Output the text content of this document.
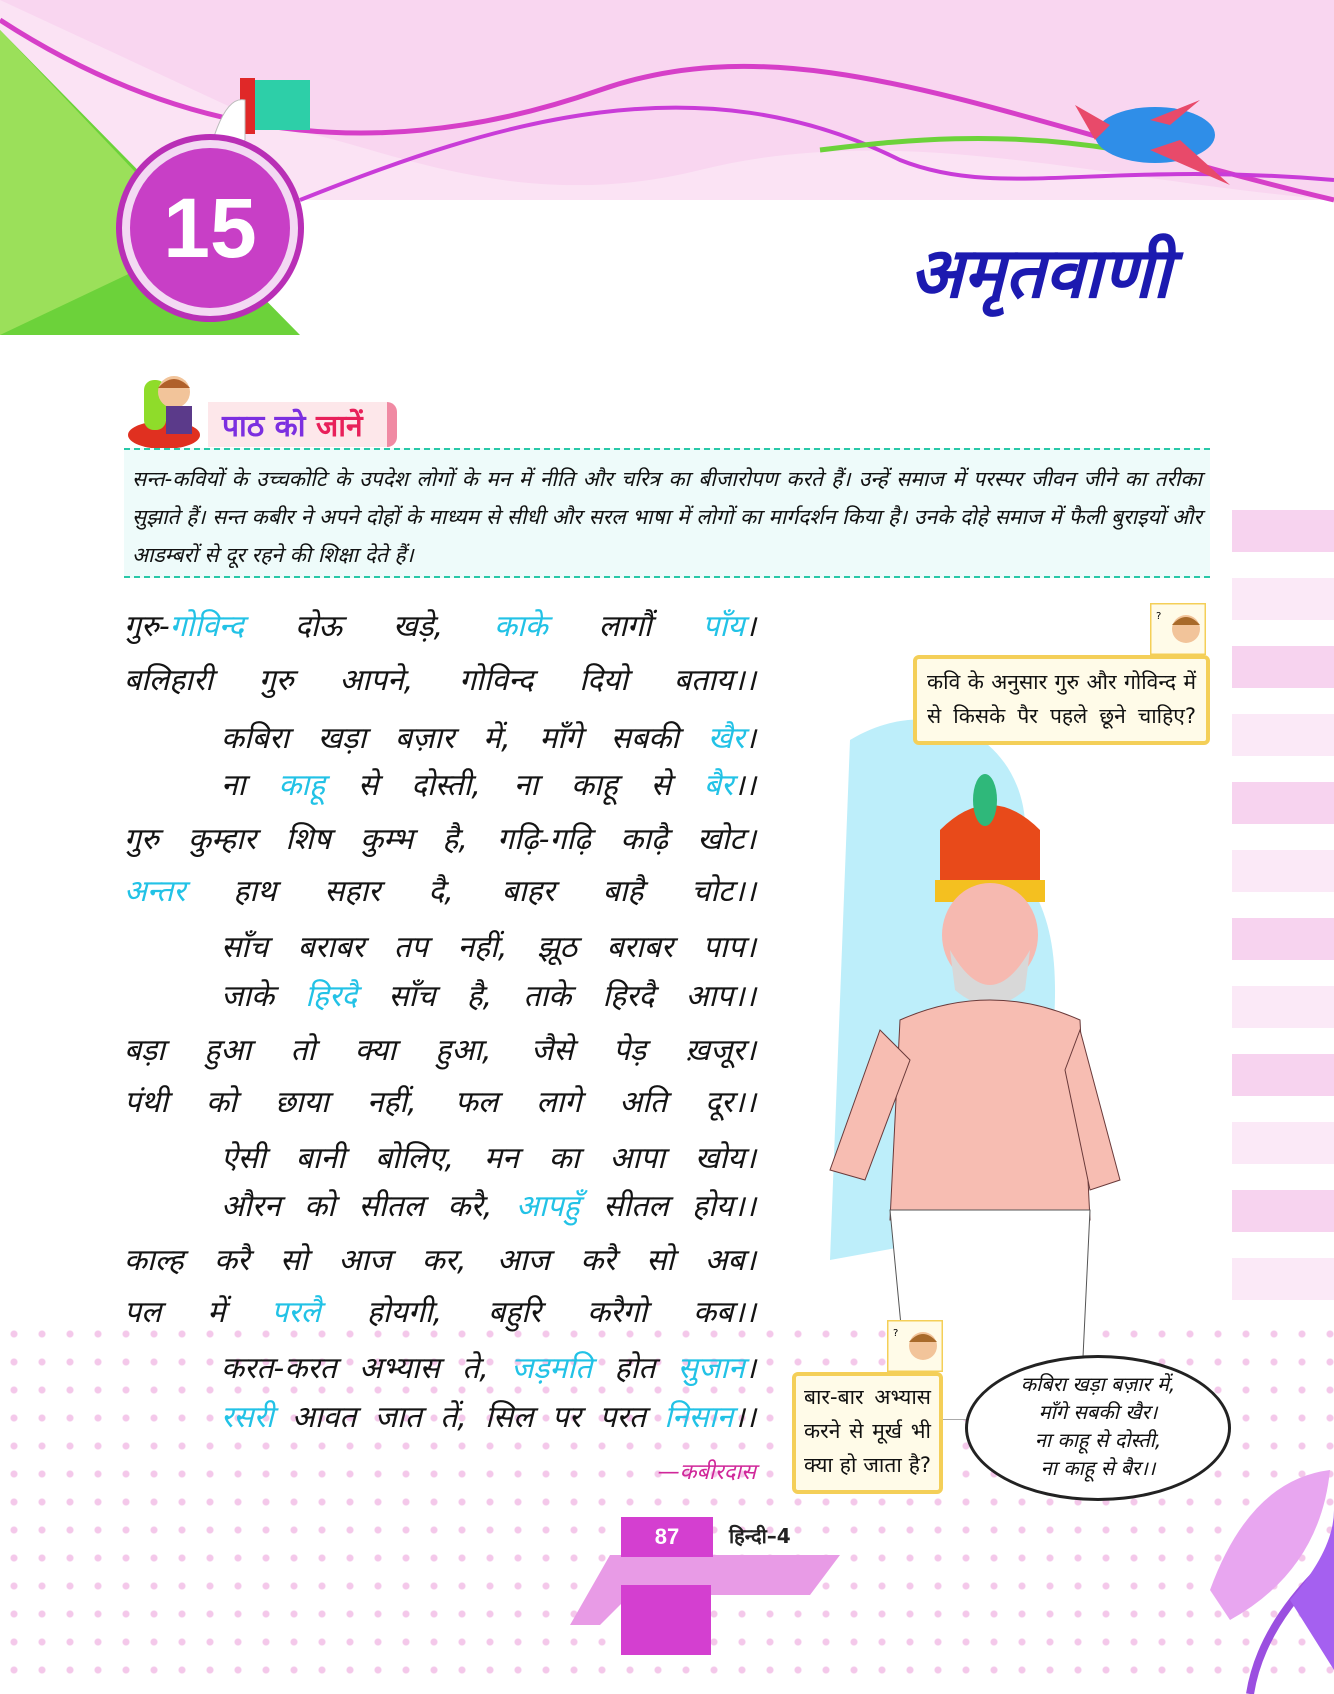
15	अमृतवाणी
पाठ को जानें
सन्त-कवियों के उच्चकोटि के उपदेश लोगों के मन में नीति और चरित्र का बीजारोपण करते हैं। उन्हें समाज में परस्पर जीवन जीने का तरीका सुझाते हैं। सन्त कबीर ने अपने दोहों के माध्यम से सीधी और सरल भाषा में लोगों का मार्गदर्शन किया है। उनके दोहे समाज में फैली बुराइयों और आडम्बरों से दूर रहने की शिक्षा देते हैं।
गुरु-गोविन्द दोऊ खड़े, काके लागौं पाँय।
बलिहारी गुरु आपने, गोविन्द दियो बताय।।
कबिरा खड़ा बज़ार में, माँगे सबकी खैर।
ना काहू से दोस्ती, ना काहू से बैर।।
गुरु कुम्हार शिष कुम्भ है, गढ़ि-गढ़ि काढ़ै खोट।
अन्तर हाथ सहार दै, बाहर बाहै चोट।।
साँच बराबर तप नहीं, झूठ बराबर पाप।
जाके हिरदै साँच है, ताके हिरदै आप।।
बड़ा हुआ तो क्या हुआ, जैसे पेड़ ख़जूर।
पंथी को छाया नहीं, फल लागे अति दूर।।
ऐसी बानी बोलिए, मन का आपा खोय।
औरन को सीतल करै, आपहुँ सीतल होय।।
काल्ह करै सो आज कर, आज करै सो अब।
पल में परलै होयगी, बहुरि करैगो कब।।
करत-करत अभ्यास ते, जड़मति होत सुजान।
रसरी आवत जात तें, सिल पर परत निसान।।
—कबीरदास
कवि के अनुसार गुरु और गोविन्द में से किसके पैर पहले छूने चाहिए?
?
बार-बार अभ्यास करने से मूर्ख भी क्या हो जाता है?
?
कबिरा खड़ा बज़ार में,
माँगे सबकी खैर।
ना काहू से दोस्ती,
ना काहू से बैर।।
87	हिन्दी–4
